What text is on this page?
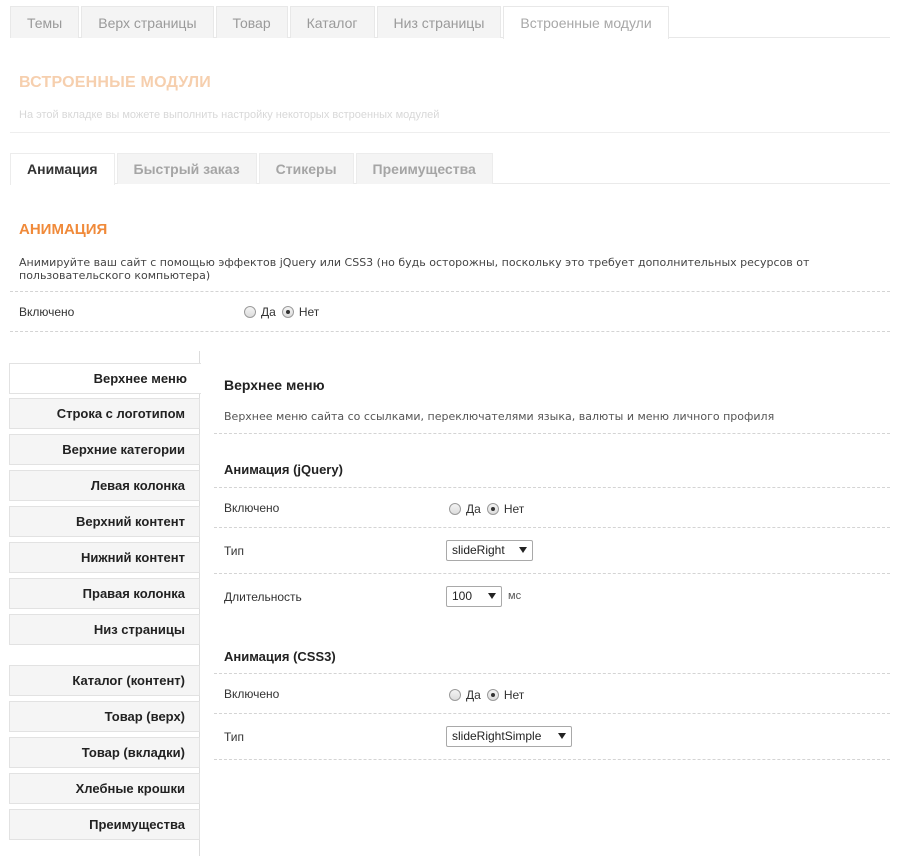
Темы	Верх страницы	Товар	Каталог	Низ страницы	Встроенные модули
ВСТРОЕННЫЕ МОДУЛИ
На этой вкладке вы можете выполнить настройку некоторых встроенных модулей
Анимация	Быстрый заказ	Стикеры	Преимущества
АНИМАЦИЯ
Анимируйте ваш сайт с помощью эффектов jQuery или CSS3 (но будь осторожны, поскольку это требует дополнительных ресурсов от пользовательского компьютера)
Включено	Да Нет
Верхнее меню
Строка с логотипом
Верхние категории
Левая колонка
Верхний контент
Нижний контент
Правая колонка
Низ страницы
Каталог (контент)
Товар (верх)
Товар (вкладки)
Хлебные крошки
Преимущества
Верхнее меню
Верхнее меню сайта со ссылками, переключателями языка, валюты и меню личного профиля
Анимация (jQuery)
Включено	Да Нет
Тип	slideRight
Длительность	100	мс
Анимация (CSS3)
Включено	Да Нет
Тип	slideRightSimple
